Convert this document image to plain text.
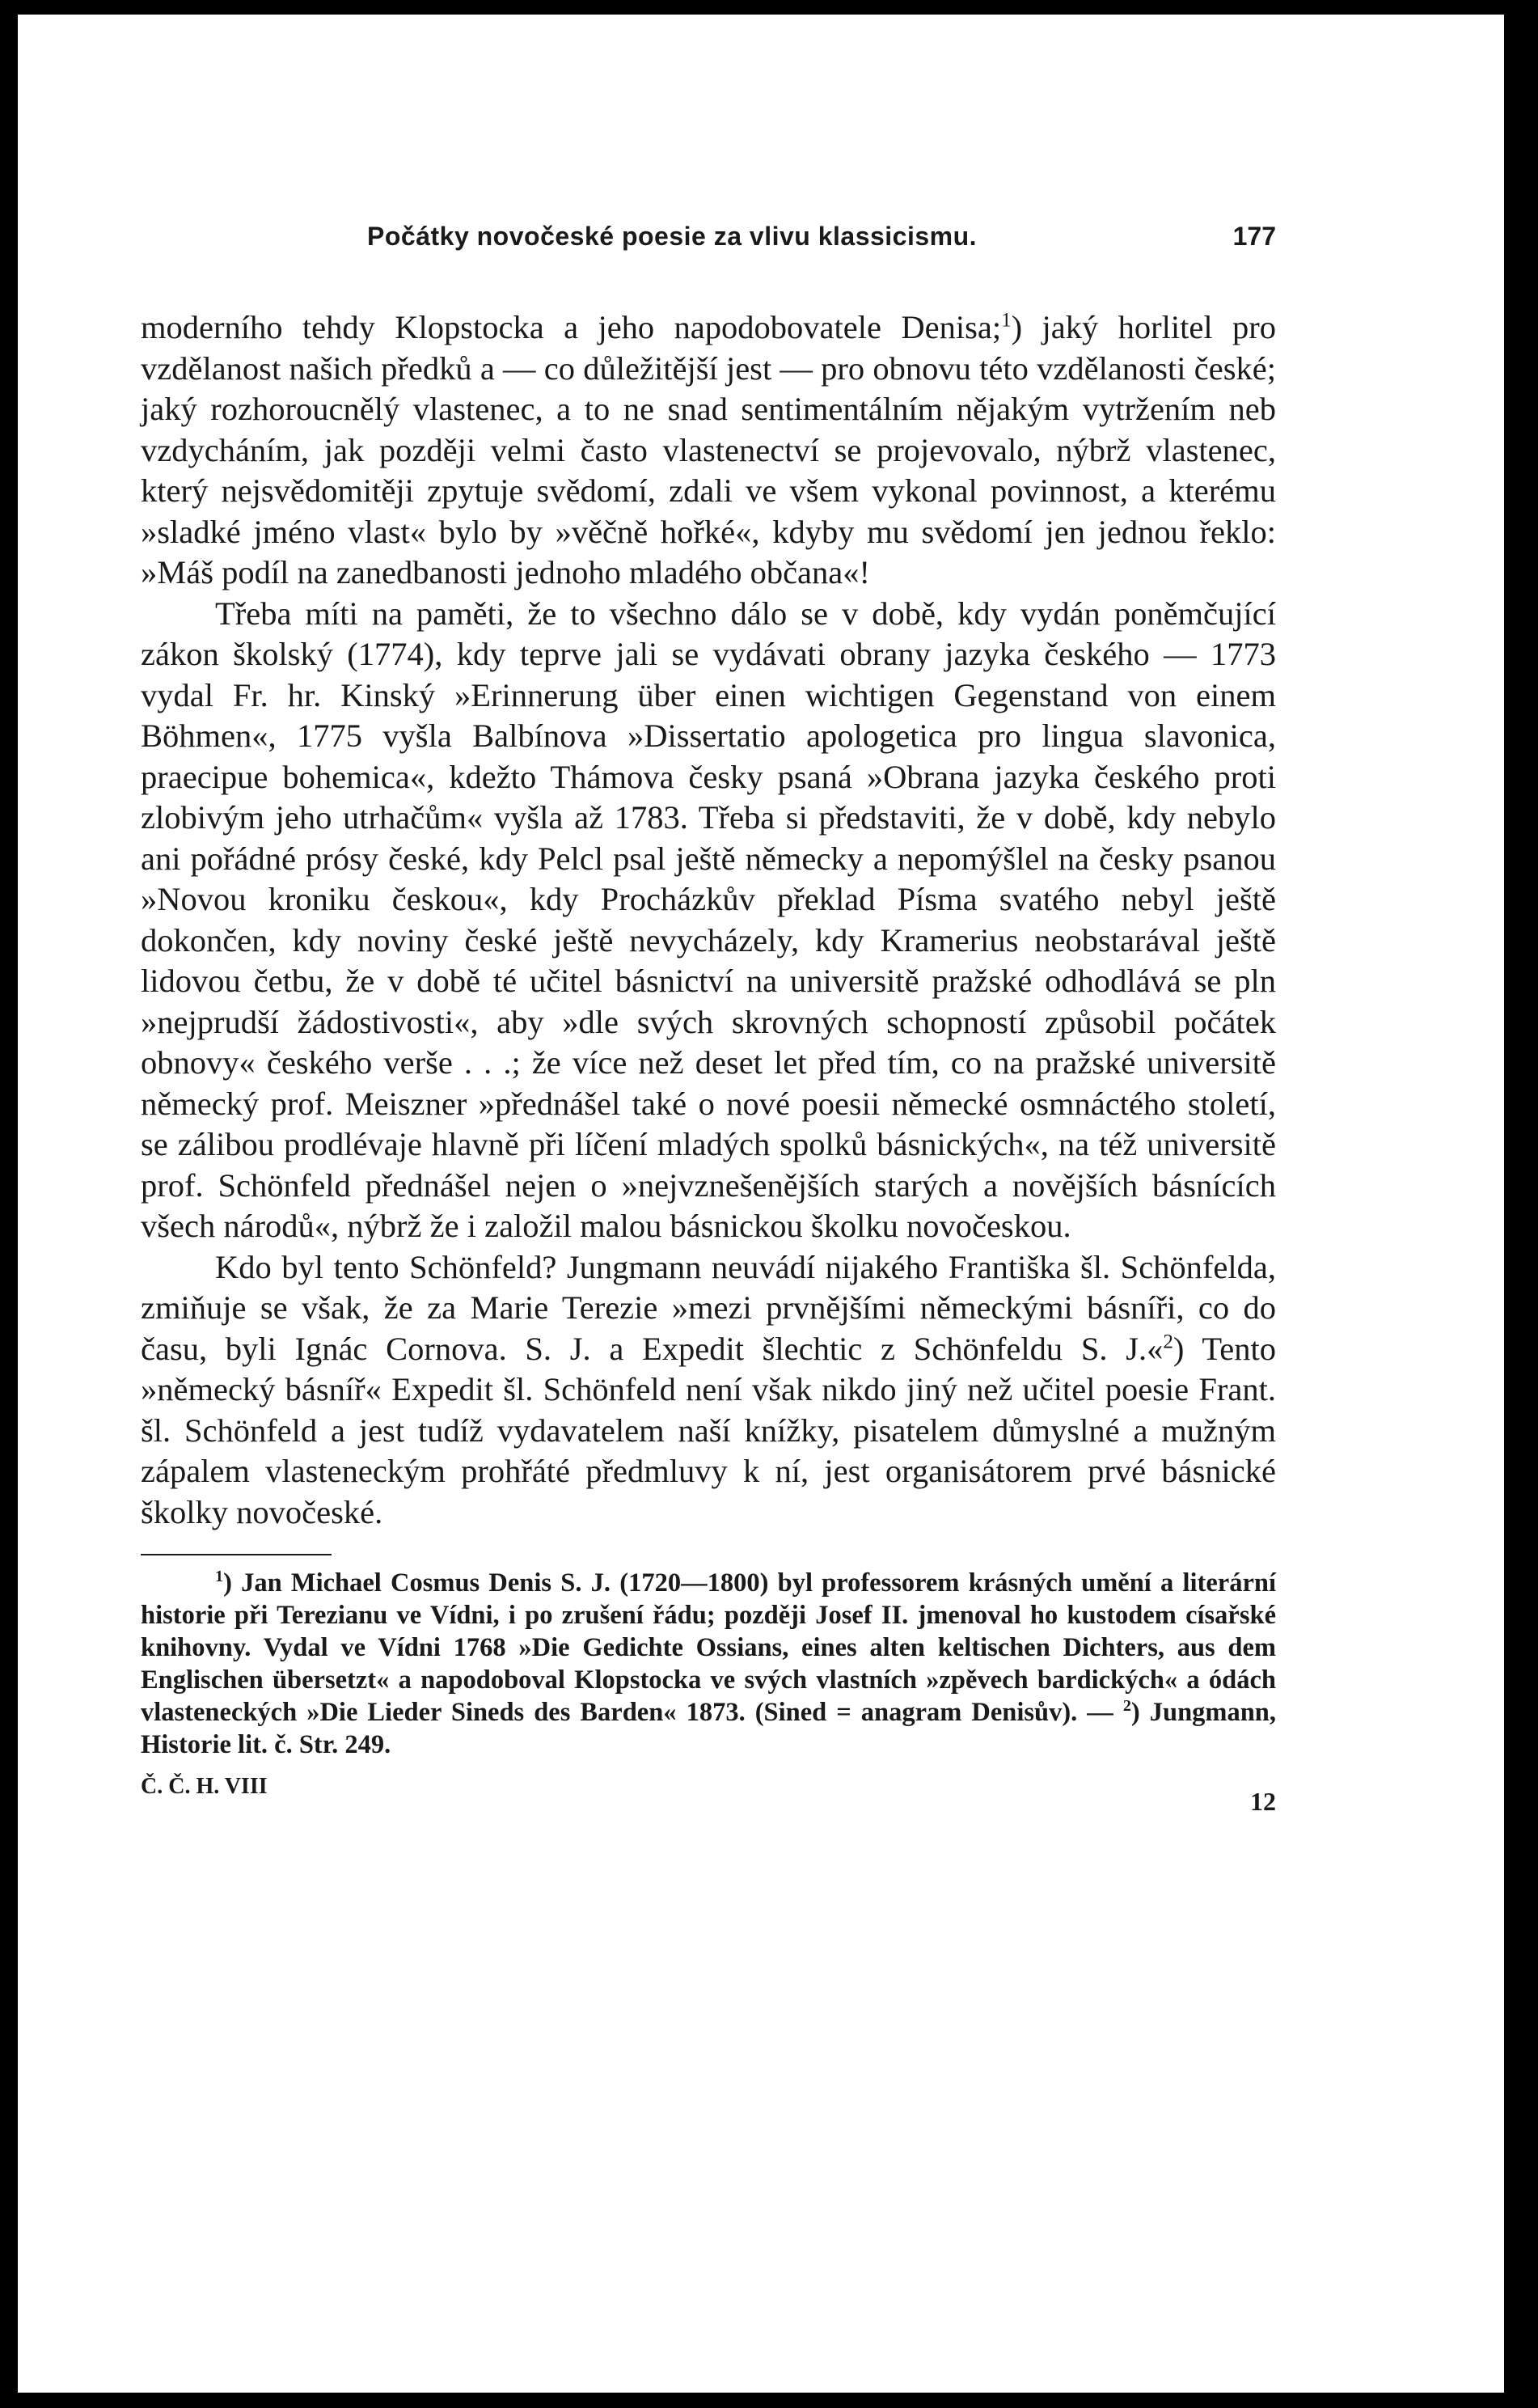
Počátky novočeské poesie za vlivu klassicismu.	177

moderního tehdy Klopstocka a jeho napodobovatele Denisa;$^1$) jaký horlitel pro vzdělanost našich předků a — co důležitější jest — pro obnovu této vzdělanosti české; jaký rozhoroucnělý vlastenec, a to ne snad sentimentálním nějakým vytržením neb vzdycháním, jak později velmi často vlastenectví se projevovalo, nýbrž vlastenec, který nejsvědomitěji zpytuje svědomí, zdali ve všem vykonal povinnost, a kterému »sladké jméno vlast« bylo by »věčně hořké«, kdyby mu svědomí jen jednou řeklo: »Máš podíl na zanedbanosti jednoho mladého občana«!

Třeba míti na paměti, že to všechno dálo se v době, kdy vydán poněmčující zákon školský (1774), kdy teprve jali se vydávati obrany jazyka českého — 1773 vydal Fr. hr. Kinský »Erinnerung über einen wichtigen Gegenstand von einem Böhmen«, 1775 vyšla Balbínova »Dissertatio apologetica pro lingua slavonica, praecipue bohemica«, kdežto Thámova česky psaná »Obrana jazyka českého proti zlobivým jeho utrhačům« vyšla až 1783. Třeba si představiti, že v době, kdy nebylo ani pořádné prósy české, kdy Pelcl psal ještě německy a nepomýšlel na česky psanou »Novou kroniku českou«, kdy Procházkův překlad Písma svatého nebyl ještě dokončen, kdy noviny české ještě nevycházely, kdy Kramerius neobstarával ještě lidovou četbu, že v době té učitel básnictví na universitě pražské odhodlává se pln »nejprudší žádostivosti«, aby »dle svých skrovných schopností způsobil počátek obnovy« českého verše . . .; že více než deset let před tím, co na pražské universitě německý prof. Meiszner »přednášel také o nové poesii německé osmnáctého století, se zálibou prodlévaje hlavně při líčení mladých spolků básnických«, na též universitě prof. Schönfeld přednášel nejen o »nejvznešenějších starých a novějších básnících všech národů«, nýbrž že i založil malou básnickou školku novočeskou.

Kdo byl tento Schönfeld? Jungmann neuvádí nijakého Františka šl. Schönfelda, zmiňuje se však, že za Marie Terezie »mezi prvnějšími německými básníři, co do času, byli Ignác Cornova. S. J. a Expedit šlechtic z Schönfeldu S. J.«$^2$) Tento »německý básníř« Expedit šl. Schönfeld není však nikdo jiný než učitel poesie Frant. šl. Schönfeld a jest tudíž vydavatelem naší knížky, pisatelem důmyslné a mužným zápalem vlasteneckým prohřáté předmluvy k ní, jest organisátorem prvé básnické školky novočeské.

$^1$) Jan Michael Cosmus Denis S. J. (1720—1800) byl professorem krásných umění a literární historie při Terezianu ve Vídni, i po zrušení řádu; později Josef II. jmenoval ho kustodem císařské knihovny. Vydal ve Vídni 1768 »Die Gedichte Ossians, eines alten keltischen Dichters, aus dem Englischen übersetzt« a napodoboval Klopstocka ve svých vlastních »zpěvech bardických« a ódách vlasteneckých »Die Lieder Sineds des Barden« 1873. (Sined = anagram Denisův). — $^2$) Jungmann, Historie lit. č. Str. 249.

Č. Č. H. VIII
12
